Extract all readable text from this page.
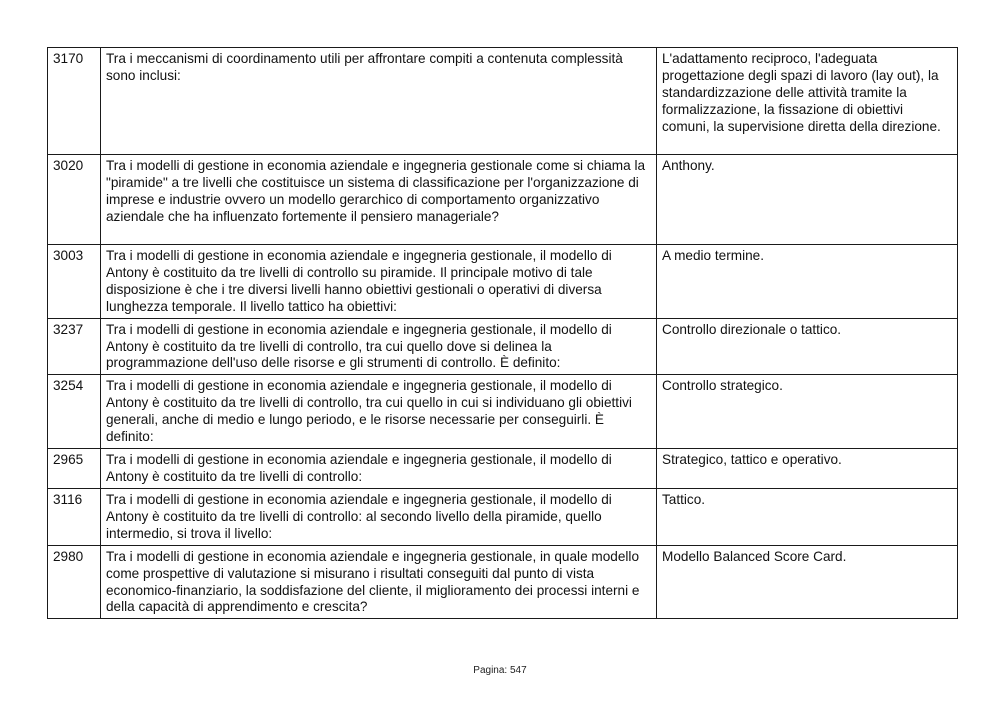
3170	Tra i meccanismi di coordinamento utili per affrontare compiti a contenuta complessità sono inclusi:	L'adattamento reciproco, l'adeguata progettazione degli spazi di lavoro (lay out), la standardizzazione delle attività tramite la formalizzazione, la fissazione di obiettivi comuni, la supervisione diretta della direzione.
3020	Tra i modelli di gestione in economia aziendale e ingegneria gestionale come si chiama la "piramide" a tre livelli che costituisce un sistema di classificazione per l'organizzazione di imprese e industrie ovvero un modello gerarchico di comportamento organizzativo aziendale che ha influenzato fortemente il pensiero manageriale?	Anthony.
3003	Tra i modelli di gestione in economia aziendale e ingegneria gestionale, il modello di Antony è costituito da tre livelli di controllo su piramide. Il principale motivo di tale disposizione è che i tre diversi livelli hanno obiettivi gestionali o operativi di diversa lunghezza temporale. Il livello tattico ha obiettivi:	A medio termine.
3237	Tra i modelli di gestione in economia aziendale e ingegneria gestionale, il modello di Antony è costituito da tre livelli di controllo, tra cui quello dove si delinea la programmazione dell'uso delle risorse e gli strumenti di controllo. È definito:	Controllo direzionale o tattico.
3254	Tra i modelli di gestione in economia aziendale e ingegneria gestionale, il modello di Antony è costituito da tre livelli di controllo, tra cui quello in cui si individuano gli obiettivi generali, anche di medio e lungo periodo, e le risorse necessarie per conseguirli. È definito:	Controllo strategico.
2965	Tra i modelli di gestione in economia aziendale e ingegneria gestionale, il modello di Antony è costituito da tre livelli di controllo:	Strategico, tattico e operativo.
3116	Tra i modelli di gestione in economia aziendale e ingegneria gestionale, il modello di Antony è costituito da tre livelli di controllo: al secondo livello della piramide, quello intermedio, si trova il livello:	Tattico.
2980	Tra i modelli di gestione in economia aziendale e ingegneria gestionale, in quale modello come prospettive di valutazione si misurano i risultati conseguiti dal punto di vista economico-finanziario, la soddisfazione del cliente, il miglioramento dei processi interni e della capacità di apprendimento e crescita?	Modello Balanced Score Card.
Pagina: 547
